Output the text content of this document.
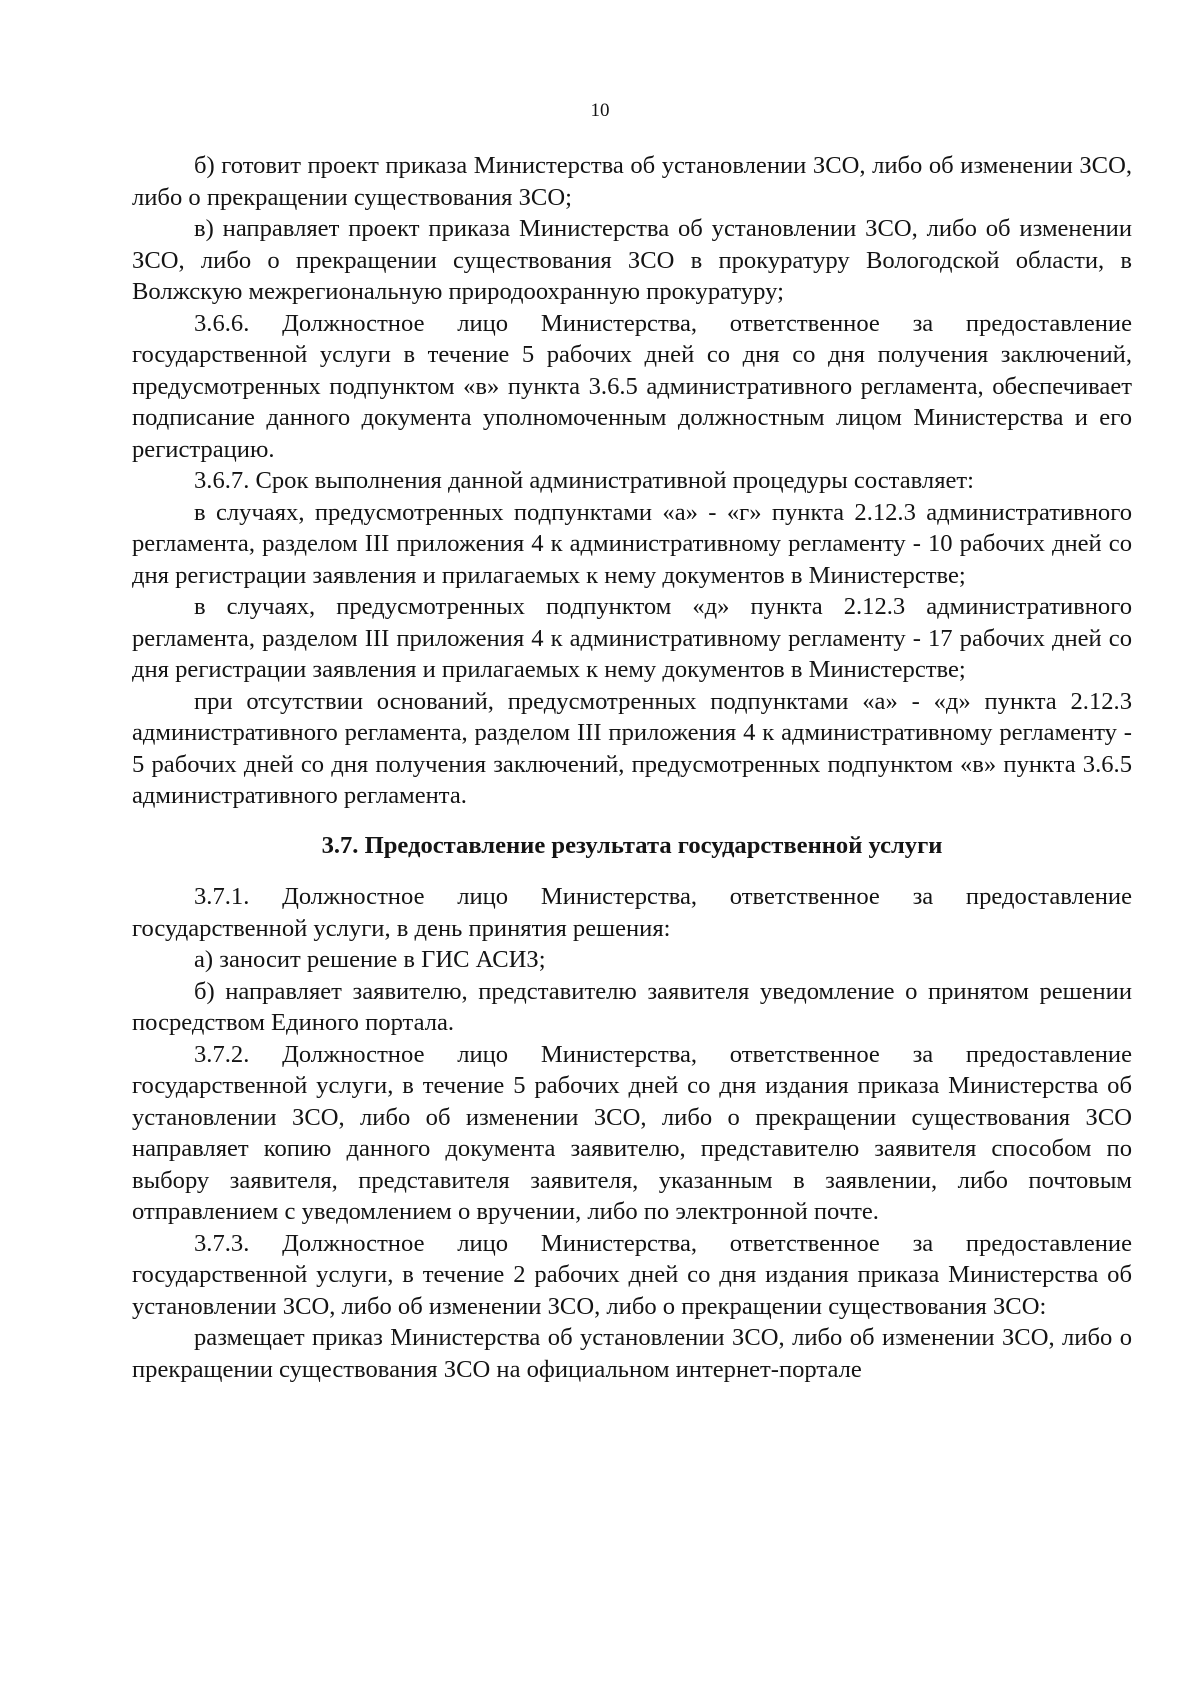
10

б) готовит проект приказа Министерства об установлении ЗСО, либо об изменении ЗСО, либо о прекращении существования ЗСО;

в) направляет проект приказа Министерства об установлении ЗСО, либо об изменении ЗСО, либо о прекращении существования ЗСО в прокуратуру Вологодской области, в Волжскую межрегиональную природоохранную прокуратуру;

3.6.6. Должностное лицо Министерства, ответственное за предоставление государственной услуги в течение 5 рабочих дней со дня со дня получения заключений, предусмотренных подпунктом «в» пункта 3.6.5 административного регламента, обеспечивает подписание данного документа уполномоченным должностным лицом Министерства и его регистрацию.

3.6.7. Срок выполнения данной административной процедуры составляет:

в случаях, предусмотренных подпунктами «а» - «г» пункта 2.12.3 административного регламента, разделом III приложения 4 к административному регламенту - 10 рабочих дней со дня регистрации заявления и прилагаемых к нему документов в Министерстве;

в случаях, предусмотренных подпунктом «д» пункта 2.12.3 административного регламента, разделом III приложения 4 к административному регламенту - 17 рабочих дней со дня регистрации заявления и прилагаемых к нему документов в Министерстве;

при отсутствии оснований, предусмотренных подпунктами «а» - «д» пункта 2.12.3 административного регламента, разделом III приложения 4 к административному регламенту - 5 рабочих дней со дня получения заключений, предусмотренных подпунктом «в» пункта 3.6.5 административного регламента.

3.7. Предоставление результата государственной услуги

3.7.1. Должностное лицо Министерства, ответственное за предоставление государственной услуги, в день принятия решения:

а) заносит решение в ГИС АСИЗ;

б) направляет заявителю, представителю заявителя уведомление о принятом решении посредством Единого портала.

3.7.2. Должностное лицо Министерства, ответственное за предоставление государственной услуги, в течение 5 рабочих дней со дня издания приказа Министерства об установлении ЗСО, либо об изменении ЗСО, либо о прекращении существования ЗСО направляет копию данного документа заявителю, представителю заявителя способом по выбору заявителя, представителя заявителя, указанным в заявлении, либо почтовым отправлением с уведомлением о вручении, либо по электронной почте.

3.7.3. Должностное лицо Министерства, ответственное за предоставление государственной услуги, в течение 2 рабочих дней со дня издания приказа Министерства об установлении ЗСО, либо об изменении ЗСО, либо о прекращении существования ЗСО:

размещает приказ Министерства об установлении ЗСО, либо об изменении ЗСО, либо о прекращении существования ЗСО на официальном интернет-портале
